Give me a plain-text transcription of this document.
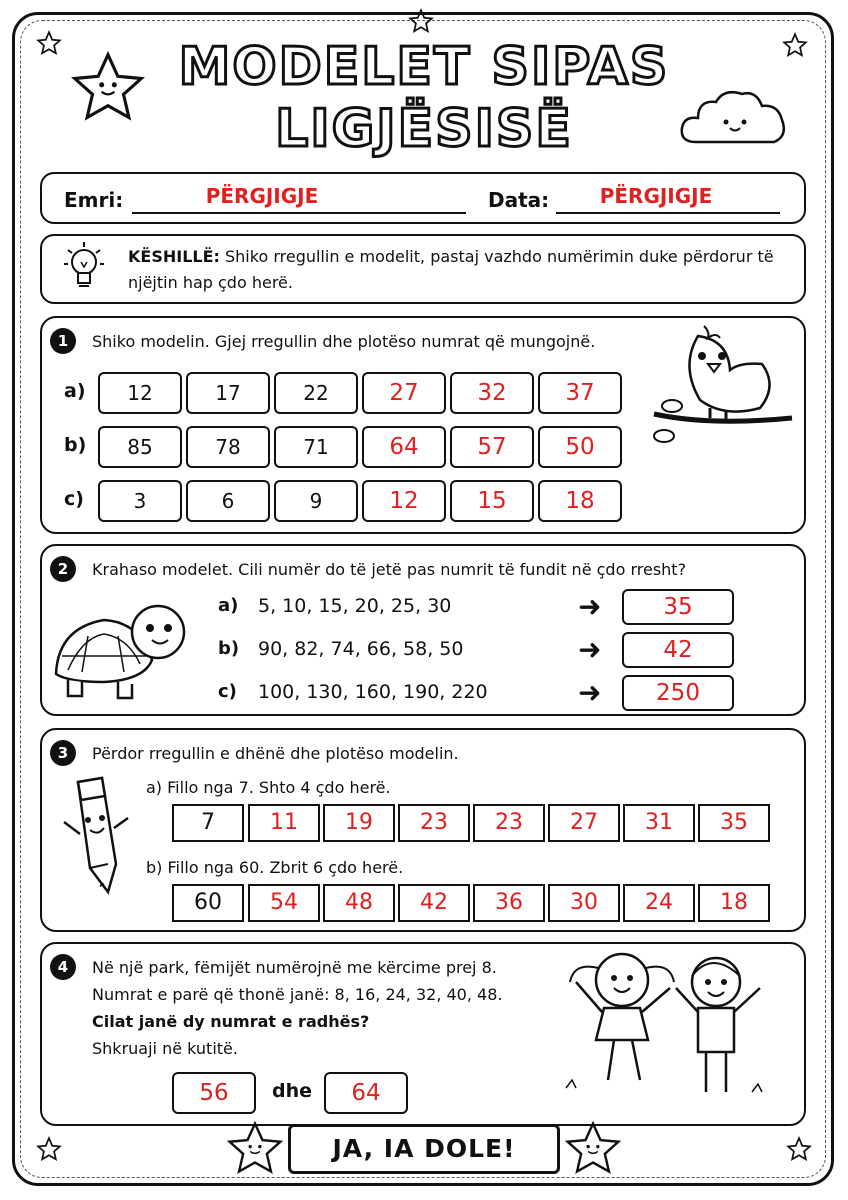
MODELET SIPAS
LIGJËSISË
Emri:	PËRGJIGJE	Data:	PËRGJIGJE
KËSHILLË: Shiko rregullin e modelit, pastaj vazhdo numërimin duke përdorur të njëjtin hap çdo herë.
1	Shiko modelin. Gjej rregullin dhe plotëso numrat që mungojnë.
2	Krahaso modelet. Cili numër do të jetë pas numrit të fundit në çdo rresht?
3	Përdor rregullin e dhënë dhe plotëso modelin.
4	Në një park, fëmijët numërojnë me kërcime prej 8.
Numrat e parë që thonë janë: 8, 16, 24, 32, 40, 48.
Cilat janë dy numrat e radhës?
Shkruaji në kutitë.
56	dhe	64
JA, IA DOLE!
a)	12	17	22	27	32	37
b)	85	78	71	64	57	50
c)	3	6	9	12	15	18
a) 5, 10, 15, 20, 25, 30	➜	35
b) 90, 82, 74, 66, 58, 50	➜	42
c) 100, 130, 160, 190, 220	➜	250
a) Fillo nga 7. Shto 4 çdo herë.
7	11	19	23	23	27	31	35
b) Fillo nga 60. Zbrit 6 çdo herë.
60	54	48	42	36	30	24	18
